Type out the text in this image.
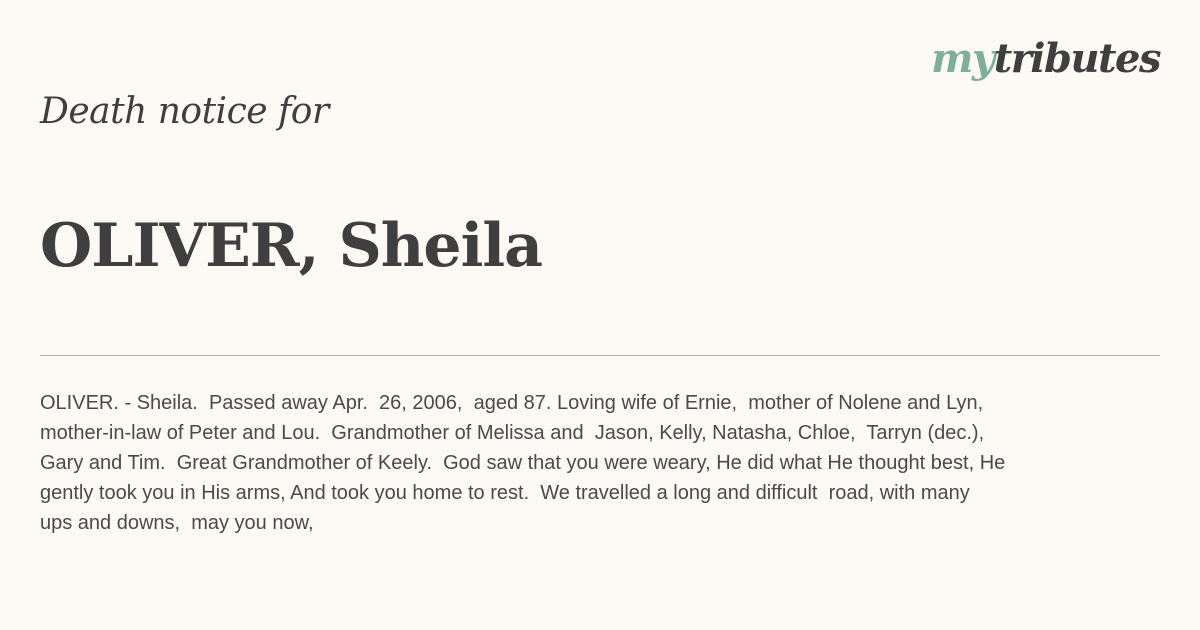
mytributes
Death notice for
OLIVER, Sheila
OLIVER. - Sheila.  Passed away Apr.  26, 2006,  aged 87. Loving wife of Ernie,  mother of Nolene and Lyn,
mother-in-law of Peter and Lou.  Grandmother of Melissa and  Jason, Kelly, Natasha, Chloe,  Tarryn (dec.),
Gary and Tim.  Great Grandmother of Keely.  God saw that you were weary, He did what He thought best, He
gently took you in His arms, And took you home to rest.  We travelled a long and difficult  road, with many
ups and downs,  may you now,
